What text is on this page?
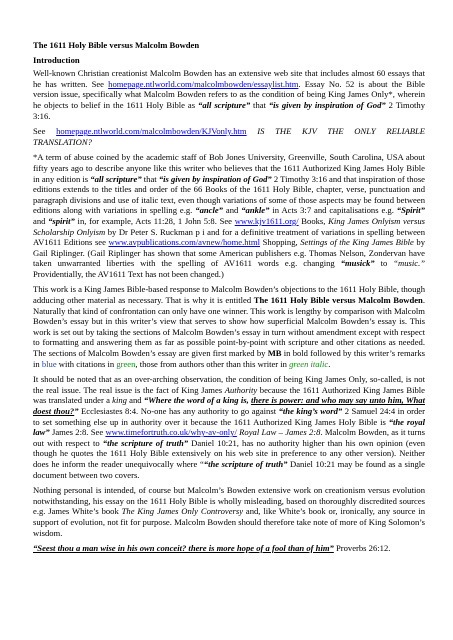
The 1611 Holy Bible versus Malcolm Bowden
Introduction

Well-known Christian creationist Malcolm Bowden has an extensive web site that includes almost 60 essays that he has written. See homepage.ntlworld.com/malcolmbowden/essaylist.htm. Essay No. 52 is about the Bible version issue, specifically what Malcolm Bowden refers to as the condition of being King James Only*, wherein he objects to belief in the 1611 Holy Bible as “all scripture” that “is given by inspiration of God” 2 Timothy 3:16.

See homepage.ntlworld.com/malcolmbowden/KJVonly.htm IS THE KJV THE ONLY RELIABLE TRANSLATION?

*A term of abuse coined by the academic staff of Bob Jones University, Greenville, South Carolina, USA about fifty years ago to describe anyone like this writer who believes that the 1611 Authorized King James Holy Bible in any edition is “all scripture” that “is given by inspiration of God” 2 Timothy 3:16 and that inspiration of those editions extends to the titles and order of the 66 Books of the 1611 Holy Bible, chapter, verse, punctuation and paragraph divisions and use of italic text, even though variations of some of those aspects may be found between editions along with variations in spelling e.g. “ancle” and “ankle” in Acts 3:7 and capitalisations e.g. “Spirit” and “spirit” in, for example, Acts 11:28, 1 John 5:8. See www.kjv1611.org/ Books, King James Onlyism versus Scholarship Onlyism by Dr Peter S. Ruckman p i and for a definitive treatment of variations in spelling between AV1611 Editions see www.avpublications.com/avnew/home.html Shopping, Settings of the King James Bible by Gail Riplinger. (Gail Riplinger has shown that some American publishers e.g. Thomas Nelson, Zondervan have taken unwarranted liberties with the spelling of AV1611 words e.g. changing “musick” to “music.” Providentially, the AV1611 Text has not been changed.)

This work is a King James Bible-based response to Malcolm Bowden’s objections to the 1611 Holy Bible, though adducing other material as necessary. That is why it is entitled The 1611 Holy Bible versus Malcolm Bowden. Naturally that kind of confrontation can only have one winner. This work is lengthy by comparison with Malcolm Bowden’s essay but in this writer’s view that serves to show how superficial Malcolm Bowden’s essay is. This work is set out by taking the sections of Malcolm Bowden’s essay in turn without amendment except with respect to formatting and answering them as far as possible point-by-point with scripture and other citations as needed. The sections of Malcolm Bowden’s essay are given first marked by MB in bold followed by this writer’s remarks in blue with citations in green, those from authors other than this writer in green italic.

It should be noted that as an over-arching observation, the condition of being King James Only, so-called, is not the real issue. The real issue is the fact of King James Authority because the 1611 Authorized King James Bible was translated under a king and “Where the word of a king is, there is power: and who may say unto him, What doest thou?” Ecclesiastes 8:4. No-one has any authority to go against “the king’s word” 2 Samuel 24:4 in order to set something else up in authority over it because the 1611 Authorized King James Holy Bible is “the royal law” James 2:8. See www.timefortruth.co.uk/why-av-only/ Royal Law – James 2:8. Malcolm Bowden, as it turns out with respect to “the scripture of truth” Daniel 10:21, has no authority higher than his own opinion (even though he quotes the 1611 Holy Bible extensively on his web site in preference to any other version). Neither does he inform the reader unequivocally where ““the scripture of truth” Daniel 10:21 may be found as a single document between two covers.

Nothing personal is intended, of course but Malcolm’s Bowden extensive work on creationism versus evolution notwithstanding, his essay on the 1611 Holy Bible is wholly misleading, based on thoroughly discredited sources e.g. James White’s book The King James Only Controversy and, like White’s book or, ironically, any source in support of evolution, not fit for purpose. Malcolm Bowden should therefore take note of more of King Solomon’s wisdom.

“Seest thou a man wise in his own conceit? there is more hope of a fool than of him” Proverbs 26:12.
